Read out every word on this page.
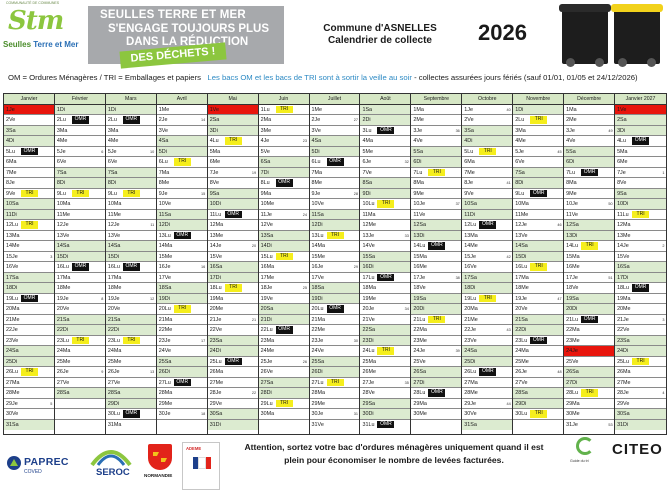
COMMUNAUTÉ DE COMMUNES
Stm
Seulles Terre et Mer
SEULLES TERRE ET MER
S'ENGAGE TOUJOURS PLUS
DANS LA RÉDUCTION
DES DÉCHETS !
Commune d'ASNELLES
Calendrier de collecte	2026
OM = Ordures Ménagères / TRI = Emballages et papiers Les bacs OM et les bacs de TRI sont à sortir la veille au soir - collectes assurées jours fériés (sauf 01/01, 01/05 et 24/12/2026)
Janvier
1Je
2Ve
3Sa
4Di
5Lu	OMR
6Ma
7Me
8Je
9Ve	TRI
10Sa
11Di
12Lu	TRI
13Ma
14Me
15Je	3
16Ve
17Sa
18Di
19Lu	OMR
20Ma
21Me
22Je
23Ve
24Sa
25Di
26Lu	TRI
27Ma
28Me
29Je	5
30Ve
31Sa
Février
1Di
2Lu	OMR
3Ma
4Me
5Je	6
6Ve
7Sa
8Di
9Lu	TRI
10Ma
11Me
12Je
13Ve
14Sa
15Di
16Lu	OMR
17Ma
18Me
19Je	8
20Ve
21Sa
22Di
23Lu	TRI
24Ma
25Me
26Je	9
27Ve
28Sa
Mars
1Di
2Lu	OMR
3Ma
4Me
5Je	10
6Ve
7Sa
8Di
9Lu	TRI
10Ma
11Me
12Je	11
13Ve
14Sa
15Di
16Lu	OMR
17Ma
18Me
19Je	12
20Ve
21Sa
22Di
23Lu	TRI
24Ma
25Me
26Je	13
27Ve
28Sa
29Di
30Lu	OMR
31Ma
Avril
1Me
2Je	14
3Ve
4Sa
5Di
6Lu	TRI
7Ma
8Me
9Je	15
10Ve
11Sa
12Di
13Lu	OMR
14Ma
15Me
16Je	16
17Ve
18Sa
19Di
20Lu	TRI
21Ma
22Me
23Je	17
24Ve
25Sa
26Di
27Lu	OMR
28Ma
29Me
30Je	18
Mai
1Ve
2Sa
3Di
4Lu	TRI
5Ma
6Me
7Je	19
8Ve
9Sa
10Di
11Lu	OMR
12Ma
13Me
14Je	20
15Ve
16Sa
17Di
18Lu	TRI
19Ma
20Me
21Je	21
22Ve
23Sa
24Di
25Lu	OMR
26Ma
27Me
28Je	22
29Ve
30Sa
31Di
Juin
1Lu	TRI
2Ma
3Me
4Je	23
5Ve
6Sa
7Di
8Lu	OMR
9Ma
10Me
11Je	24
12Ve
13Sa
14Di
15Lu	TRI
16Ma
17Me
18Je	25
19Ve
20Sa
21Di
22Lu	OMR
23Ma
24Me
25Je	26
26Ve
27Sa
28Di
29Lu	TRI
30Ma
Juillet
1Me
2Je	27
3Ve
4Sa
5Di
6Lu	OMR
7Ma
8Me
9Je	28
10Ve
11Sa
12Di
13Lu	TRI
14Ma
15Me
16Je	29
17Ve
18Sa
19Di
20Lu	OMR
21Ma
22Me
23Je	30
24Ve
25Sa
26Di
27Lu	TRI
28Ma
29Me
30Je	31
31Ve
Août
1Sa
2Di
3Lu	OMR
4Ma
5Me
6Je	32
7Ve
8Sa
9Di
10Lu	TRI
11Ma
12Me
13Je	33
14Ve
15Sa
16Di
17Lu	OMR
18Ma
19Me
20Je	34
21Ve
22Sa
23Di
24Lu	TRI
25Ma
26Me
27Je	35
28Ve
29Sa
30Di
31Lu	OMR
Septembre
1Ma
2Me
3Je	36
4Ve
5Sa
6Di
7Lu	TRI
8Ma
9Me
10Je	37
11Ve
12Sa
13Di
14Lu	OMR
15Ma
16Me
17Je	38
18Ve
19Sa
20Di
21Lu	TRI
22Ma
23Me
24Je	39
25Ve
26Sa
27Di
28Lu	OMR
29Ma
30Me
Octobre
1Je	40
2Ve
3Sa
4Di
5Lu	TRI
6Ma
7Me
8Je	41
9Ve
10Sa
11Di
12Lu	OMR
13Ma
14Me
15Je	42
16Ve
17Sa
18Di
19Lu	TRI
20Ma
21Me
22Je	43
23Ve
24Sa
25Di
26Lu	OMR
27Ma
28Me
29Je	44
30Ve
31Sa
Novembre
1Di
2Lu	TRI
3Ma
4Me
5Je	45
6Ve
7Sa
8Di
9Lu	OMR
10Ma
11Me
12Je	46
13Ve
14Sa
15Di
16Lu	TRI
17Ma
18Me
19Je	47
20Ve
21Sa
22Di
23Lu	OMR
24Ma
25Me
26Je	48
27Ve
28Sa
29Di
30Lu	TRI
Décembre
1Ma
2Me
3Je	49
4Ve
5Sa
6Di
7Lu	OMR
8Ma
9Me
10Je	50
11Ve
12Sa
13Di
14Lu	TRI
15Ma
16Me
17Je	51
18Ve
19Sa
20Di
21Lu	OMR
22Ma
23Me
24Je
25Ve
26Sa
27Di
28Lu	TRI
29Ma
30Me
31Je	53
Janvier 2027
1Ve
2Sa
3Di
4Lu	OMR
5Ma
6Me
7Je	1
8Ve
9Sa
10Di
11Lu	TRI
12Ma
13Me
14Je	2
15Ve
16Sa
17Di
18Lu	OMR
19Ma
20Me
21Je	3
22Ve
23Sa
24Di
25Lu	TRI
26Ma
27Me
28Je	4
29Ve
30Sa
31Di
PAPREC
COVED	SEROC	NORMANDIE
ADEME	Attention, sortez votre bac d'ordures ménagères uniquement quand il est
plein pour économiser le nombre de levées facturées.	Guide du tri
CITEO
